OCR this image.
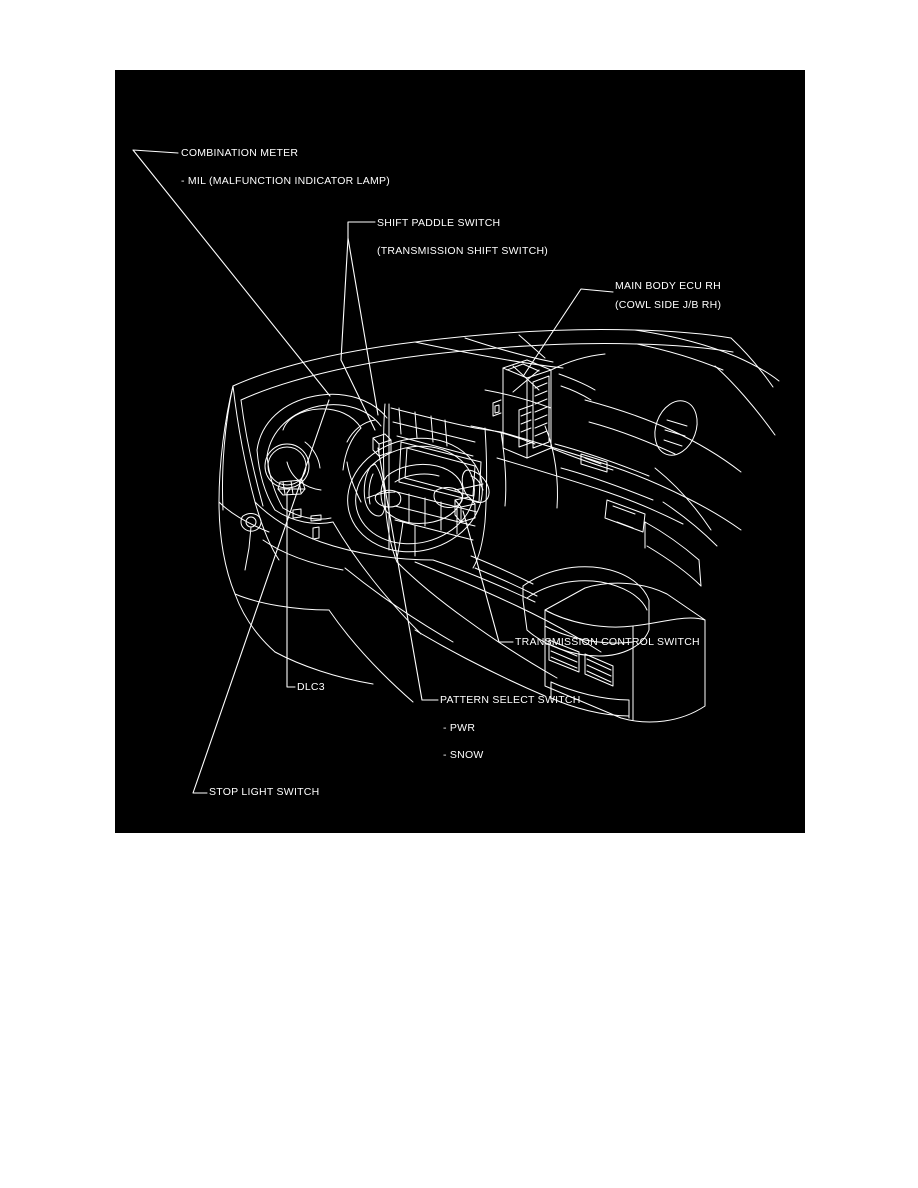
COMBINATION METER
- MIL (MALFUNCTION INDICATOR LAMP)
SHIFT PADDLE SWITCH
(TRANSMISSION SHIFT SWITCH)
MAIN BODY ECU RH
(COWL SIDE J/B RH)
TRANSMISSION CONTROL SWITCH
DLC3
PATTERN SELECT SWITCH
- PWR
- SNOW
STOP LIGHT SWITCH
